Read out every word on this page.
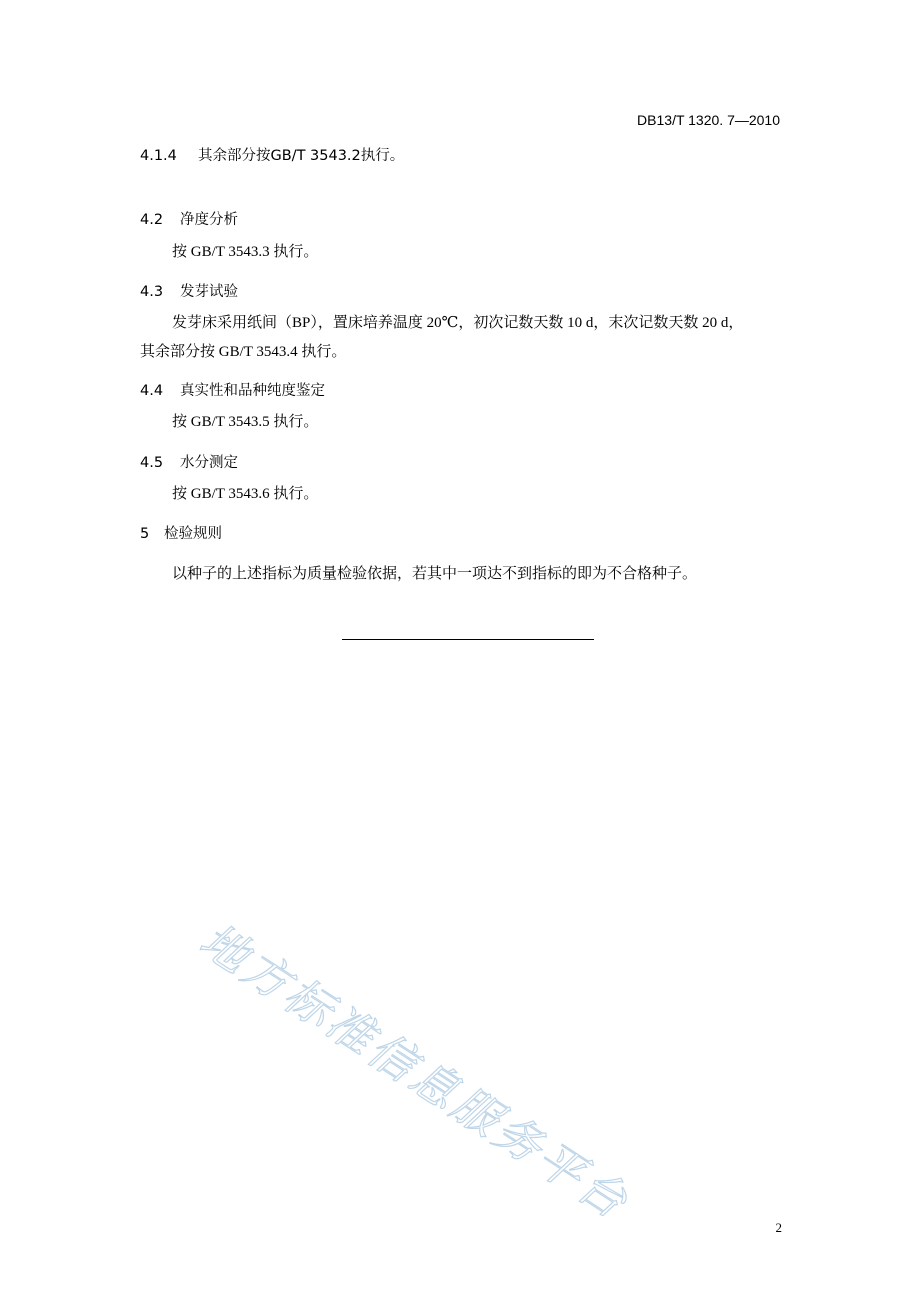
DB13/T 1320. 7—2010
4.1.4 其余部分按GB/T 3543.2执行。
4.2 净度分析
按 GB/T 3543.3 执行。
4.3 发芽试验
发芽床采用纸间（BP），置床培养温度 20℃，初次记数天数 10 d，末次记数天数 20 d，
其余部分按 GB/T 3543.4 执行。
4.4 真实性和品种纯度鉴定
按 GB/T 3543.5 执行。
4.5 水分测定
按 GB/T 3543.6 执行。
5 检验规则
以种子的上述指标为质量检验依据，若其中一项达不到指标的即为不合格种子。
地方标准信息服务平台	2
